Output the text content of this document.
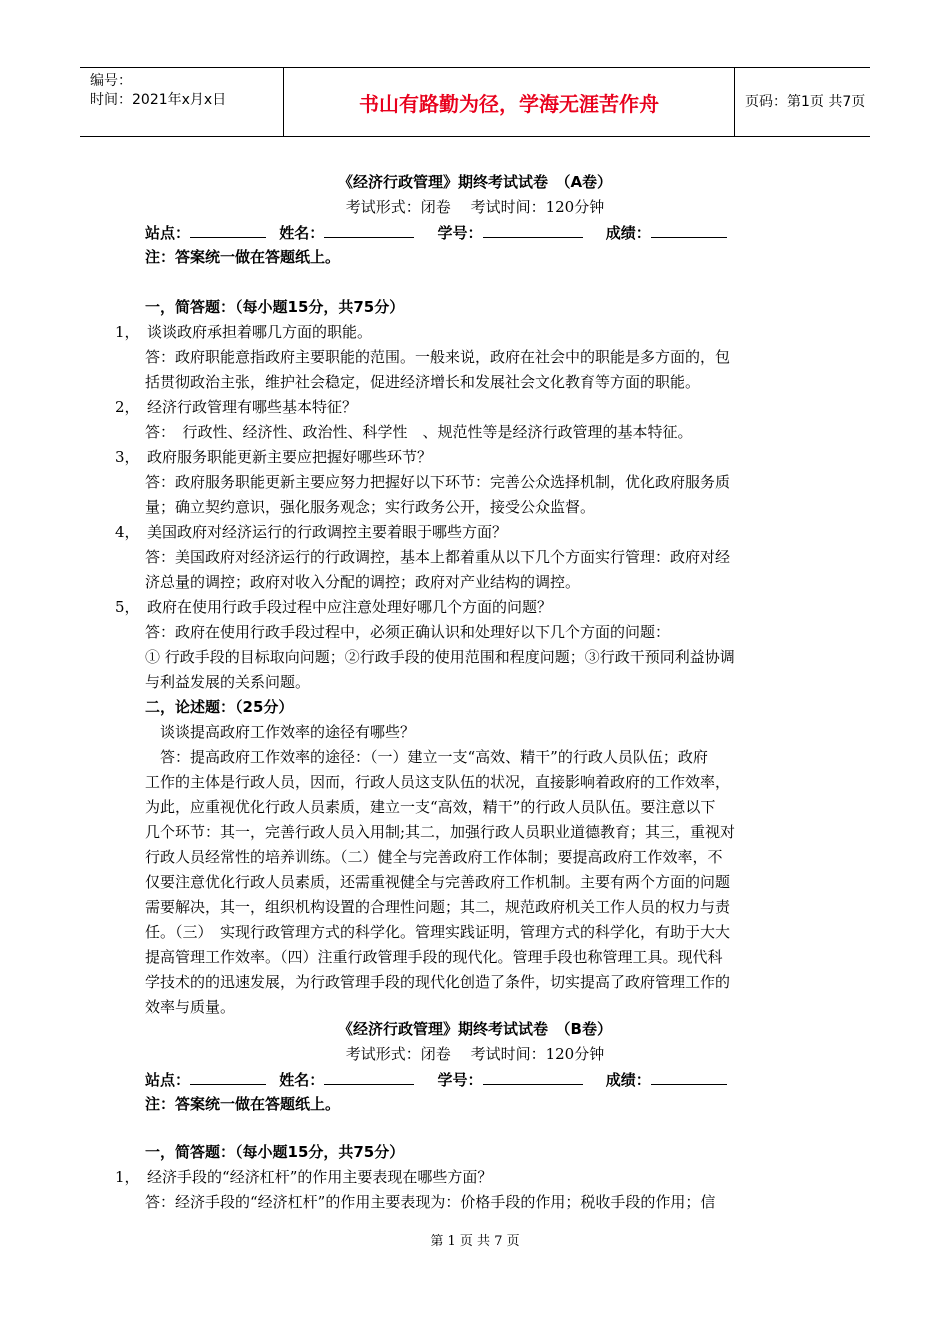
编号：
时间：2021年x月x日	书山有路勤为径，学海无涯苦作舟	页码：第1页 共7页
《经济行政管理》期终考试试卷　（A卷）
考试形式：闭卷　 考试时间：120分钟
站点：	姓名：	学号：	成绩：
注：答案统一做在答题纸上。
一，简答题：（每小题15分，共75分）
1，　谈谈政府承担着哪几方面的职能。
答：政府职能意指政府主要职能的范围。一般来说，政府在社会中的职能是多方面的，包
括贯彻政治主张，维护社会稳定，促进经济增长和发展社会文化教育等方面的职能。
2，　经济行政管理有哪些基本特征？
答：　行政性、经济性、政治性、科学性　、规范性等是经济行政管理的基本特征。
3，　政府服务职能更新主要应把握好哪些环节？
答：政府服务职能更新主要应努力把握好以下环节：完善公众选择机制，优化政府服务质
量；确立契约意识，强化服务观念；实行政务公开，接受公众监督。
4，　美国政府对经济运行的行政调控主要着眼于哪些方面？
答：美国政府对经济运行的行政调控，基本上都着重从以下几个方面实行管理：政府对经
济总量的调控；政府对收入分配的调控；政府对产业结构的调控。
5，　政府在使用行政手段过程中应注意处理好哪几个方面的问题？
答：政府在使用行政手段过程中，必须正确认识和处理好以下几个方面的问题：
① 行政手段的目标取向问题；②行政手段的使用范围和程度问题；③行政干预同利益协调
与利益发展的关系问题。
二，论述题：（25分）
谈谈提高政府工作效率的途径有哪些？
答：提高政府工作效率的途径：（一）建立一支“高效、精干”的行政人员队伍；政府
工作的主体是行政人员，因而，行政人员这支队伍的状况，直接影响着政府的工作效率，
为此，应重视优化行政人员素质，建立一支“高效，精干”的行政人员队伍。要注意以下
几个环节：其一，完善行政人员入用制;其二，加强行政人员职业道德教育；其三，重视对
行政人员经常性的培养训练。（二）健全与完善政府工作体制；要提高政府工作效率，不
仅要注意优化行政人员素质，还需重视健全与完善政府工作机制。主要有两个方面的问题
需要解决，其一，组织机构设置的合理性问题；其二，规范政府机关工作人员的权力与责
任。（三）　实现行政管理方式的科学化。管理实践证明，管理方式的科学化，有助于大大
提高管理工作效率。（四）注重行政管理手段的现代化。管理手段也称管理工具。现代科
学技术的的迅速发展，为行政管理手段的现代化创造了条件，切实提高了政府管理工作的
效率与质量。
《经济行政管理》期终考试试卷　（B卷）
考试形式：闭卷　 考试时间：120分钟
站点：	姓名：	学号：	成绩：
注：答案统一做在答题纸上。
一，简答题：（每小题15分，共75分）
1，　经济手段的“经济杠杆”的作用主要表现在哪些方面？
答：经济手段的“经济杠杆”的作用主要表现为：价格手段的作用；税收手段的作用；信
第 1 页 共 7 页
